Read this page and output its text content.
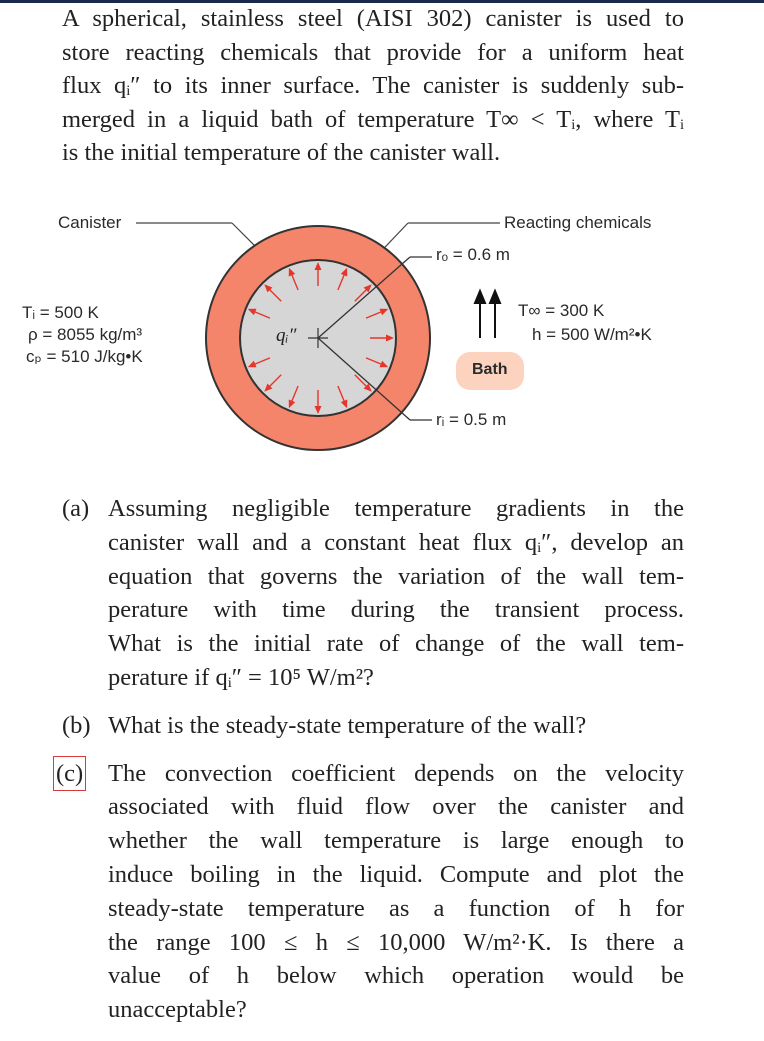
A spherical, stainless steel (AISI 302) canister is used to
store reacting chemicals that provide for a uniform heat
flux qᵢ″ to its inner surface. The canister is suddenly sub-
merged in a liquid bath of temperature T∞ < Tᵢ, where Tᵢ
is the initial temperature of the canister wall.
Canister	Reacting chemicals
rₒ = 0.6 m
rᵢ = 0.5 m
qᵢ″
Tᵢ = 500 K
ρ = 8055 kg/m³
cₚ = 510 J/kg•K
T∞ = 300 K
h = 500 W/m²•K
Bath
(a) Assuming negligible temperature gradients in the
canister wall and a constant heat flux qᵢ″, develop an
equation that governs the variation of the wall tem-
perature with time during the transient process.
What is the initial rate of change of the wall tem-
perature if qᵢ″ = 10⁵ W/m²?
(b) What is the steady-state temperature of the wall?
(c) The convection coefficient depends on the velocity
associated with fluid flow over the canister and
whether the wall temperature is large enough to
induce boiling in the liquid. Compute and plot the
steady-state temperature as a function of h for
the range 100 ≤ h ≤ 10,000 W/m²·K. Is there a
value of h below which operation would be
unacceptable?
